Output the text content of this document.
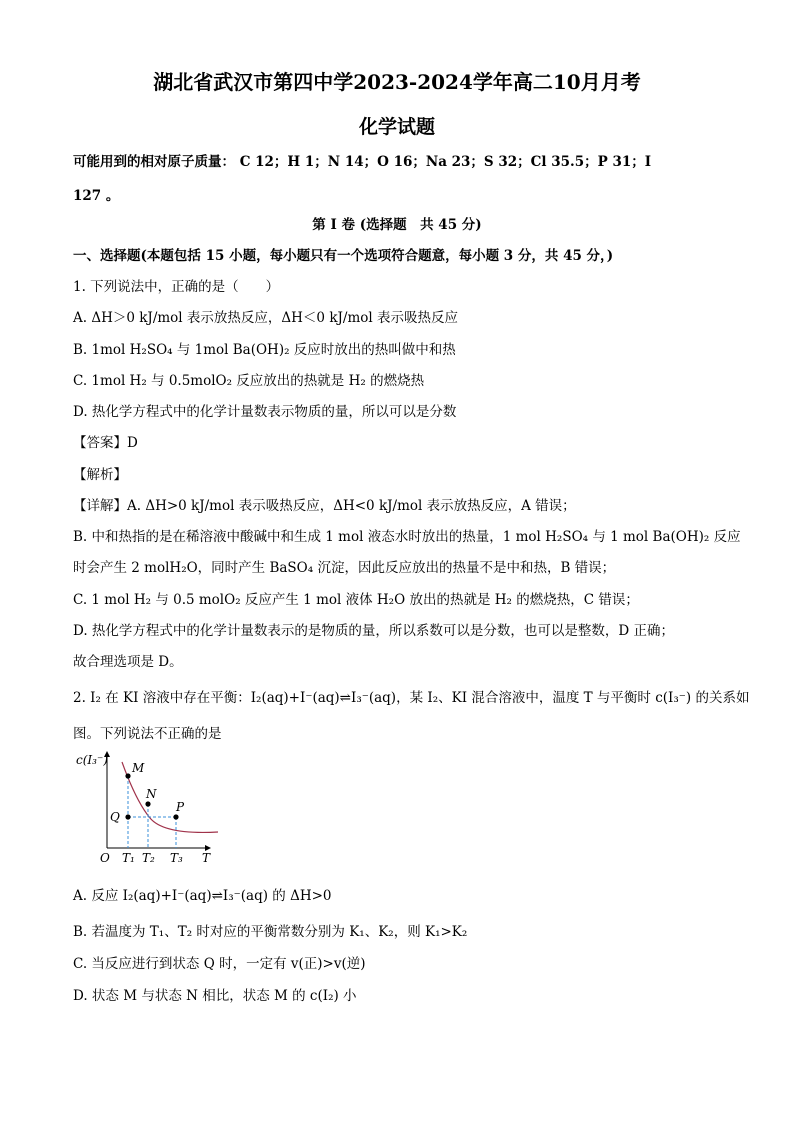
湖北省武汉市第四中学2023-2024学年高二10月月考
化学试题
可能用到的相对原子质量： C 12；H 1；N 14；O 16；Na 23；S 32；Cl 35.5；P 31；I
127 。
第 I 卷 (选择题　共 45 分)
一、选择题(本题包括 15 小题，每小题只有一个选项符合题意，每小题 3 分，共 45 分，)
1. 下列说法中，正确的是（　　）
A. ΔH＞0 kJ/mol 表示放热反应，ΔH＜0 kJ/mol 表示吸热反应
B. 1mol H₂SO₄ 与 1mol Ba(OH)₂ 反应时放出的热叫做中和热
C. 1mol H₂ 与 0.5molO₂ 反应放出的热就是 H₂ 的燃烧热
D. 热化学方程式中的化学计量数表示物质的量，所以可以是分数
【答案】D
【解析】
【详解】A. ΔH>0 kJ/mol 表示吸热反应，ΔH<0 kJ/mol 表示放热反应，A 错误；
B. 中和热指的是在稀溶液中酸碱中和生成 1 mol 液态水时放出的热量，1 mol H₂SO₄ 与 1 mol Ba(OH)₂ 反应
时会产生 2 molH₂O，同时产生 BaSO₄ 沉淀，因此反应放出的热量不是中和热，B 错误；
C. 1 mol H₂ 与 0.5 molO₂ 反应产生 1 mol 液体 H₂O 放出的热就是 H₂ 的燃烧热，C 错误；
D. 热化学方程式中的化学计量数表示的是物质的量，所以系数可以是分数，也可以是整数，D 正确；
故合理选项是 D。
2. I₂ 在 KI 溶液中存在平衡：I₂(aq)+I⁻(aq)⇌I₃⁻(aq)，某 I₂、KI 混合溶液中，温度 T 与平衡时 c(I₃⁻) 的关系如
图。下列说法不正确的是
c(I₃⁻)
T
O T₁ T₂ T₃
M
N
P
Q
A. 反应 I₂(aq)+I⁻(aq)⇌I₃⁻(aq) 的 ΔH>0
B. 若温度为 T₁、T₂ 时对应的平衡常数分别为 K₁、K₂，则 K₁>K₂
C. 当反应进行到状态 Q 时，一定有 v(正)>v(逆)
D. 状态 M 与状态 N 相比，状态 M 的 c(I₂) 小
